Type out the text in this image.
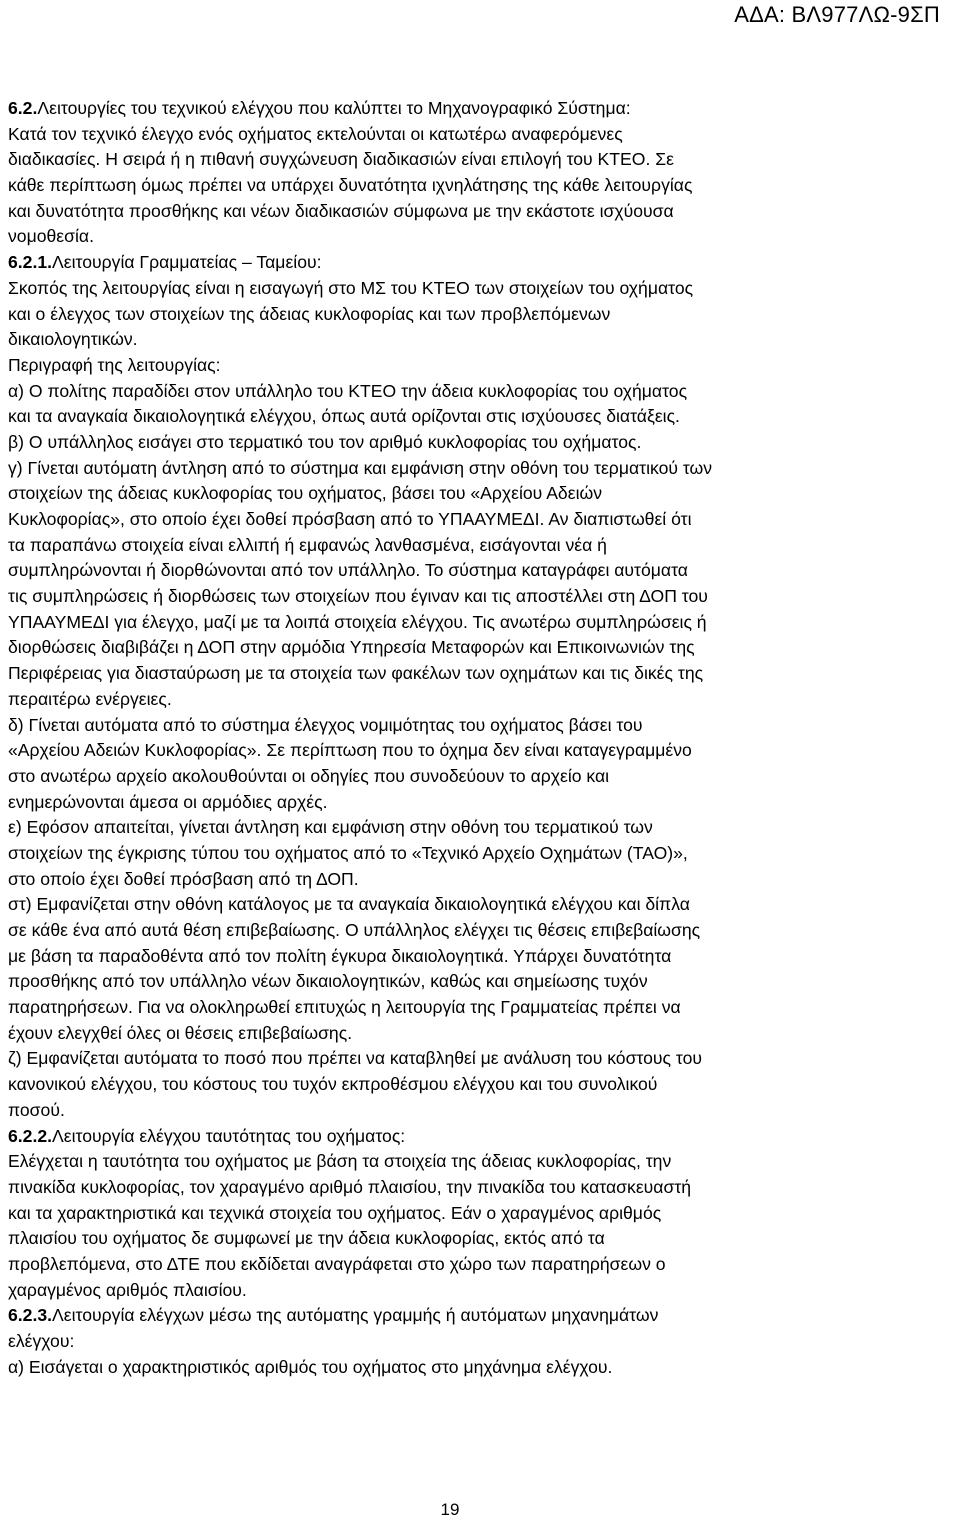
ΑΔΑ: ΒΛ977ΛΩ-9ΣΠ
6.2.Λειτουργίες του τεχνικού ελέγχου που καλύπτει το Μηχανογραφικό Σύστημα:
Κατά τον τεχνικό έλεγχο ενός οχήματος εκτελούνται οι κατωτέρω αναφερόμενες
διαδικασίες. Η σειρά ή η πιθανή συγχώνευση διαδικασιών είναι επιλογή του ΚΤΕΟ. Σε
κάθε περίπτωση όμως πρέπει να υπάρχει δυνατότητα ιχνηλάτησης της κάθε λειτουργίας
και δυνατότητα προσθήκης και νέων διαδικασιών σύμφωνα με την εκάστοτε ισχύουσα
νομοθεσία.
6.2.1.Λειτουργία Γραμματείας – Ταμείου:
Σκοπός της λειτουργίας είναι η εισαγωγή στο ΜΣ του ΚΤΕΟ των στοιχείων του οχήματος
και ο έλεγχος των στοιχείων της άδειας κυκλοφορίας και των προβλεπόμενων
δικαιολογητικών.
Περιγραφή της λειτουργίας:
α) Ο πολίτης παραδίδει στον υπάλληλο του ΚΤΕΟ την άδεια κυκλοφορίας του οχήματος
και τα αναγκαία δικαιολογητικά ελέγχου, όπως αυτά ορίζονται στις ισχύουσες διατάξεις.
β) Ο υπάλληλος εισάγει στο τερματικό του τον αριθμό κυκλοφορίας του οχήματος.
γ) Γίνεται αυτόματη άντληση από το σύστημα και εμφάνιση στην οθόνη του τερματικού των
στοιχείων της άδειας κυκλοφορίας του οχήματος, βάσει του «Αρχείου Αδειών
Κυκλοφορίας», στο οποίο έχει δοθεί πρόσβαση από το ΥΠΑΑΥΜΕΔΙ. Αν διαπιστωθεί ότι
τα παραπάνω στοιχεία είναι ελλιπή ή εμφανώς λανθασμένα, εισάγονται νέα ή
συμπληρώνονται ή διορθώνονται από τον υπάλληλο. Το σύστημα καταγράφει αυτόματα
τις συμπληρώσεις ή διορθώσεις των στοιχείων που έγιναν και τις αποστέλλει στη ΔΟΠ του
ΥΠΑΑΥΜΕΔΙ για έλεγχο, μαζί με τα λοιπά στοιχεία ελέγχου. Τις ανωτέρω συμπληρώσεις ή
διορθώσεις διαβιβάζει η ΔΟΠ στην αρμόδια Υπηρεσία Μεταφορών και Επικοινωνιών της
Περιφέρειας για διασταύρωση με τα στοιχεία των φακέλων των οχημάτων και τις δικές της
περαιτέρω ενέργειες.
δ) Γίνεται αυτόματα από το σύστημα έλεγχος νομιμότητας του οχήματος βάσει του
«Αρχείου Αδειών Κυκλοφορίας». Σε περίπτωση που το όχημα δεν είναι καταγεγραμμένο
στο ανωτέρω αρχείο ακολουθούνται οι οδηγίες που συνοδεύουν το αρχείο και
ενημερώνονται άμεσα οι αρμόδιες αρχές.
ε) Εφόσον απαιτείται, γίνεται άντληση και εμφάνιση στην οθόνη του τερματικού των
στοιχείων της έγκρισης τύπου του οχήματος από το «Τεχνικό Αρχείο Οχημάτων (ΤΑΟ)»,
στο οποίο έχει δοθεί πρόσβαση από τη ΔΟΠ.
στ) Εμφανίζεται στην οθόνη κατάλογος με τα αναγκαία δικαιολογητικά ελέγχου και δίπλα
σε κάθε ένα από αυτά θέση επιβεβαίωσης. Ο υπάλληλος ελέγχει τις θέσεις επιβεβαίωσης
με βάση τα παραδοθέντα από τον πολίτη έγκυρα δικαιολογητικά. Υπάρχει δυνατότητα
προσθήκης από τον υπάλληλο νέων δικαιολογητικών, καθώς και σημείωσης τυχόν
παρατηρήσεων. Για να ολοκληρωθεί επιτυχώς η λειτουργία της Γραμματείας πρέπει να
έχουν ελεγχθεί όλες οι θέσεις επιβεβαίωσης.
ζ) Εμφανίζεται αυτόματα το ποσό που πρέπει να καταβληθεί με ανάλυση του κόστους του
κανονικού ελέγχου, του κόστους του τυχόν εκπροθέσμου ελέγχου και του συνολικού
ποσού.
6.2.2.Λειτουργία ελέγχου ταυτότητας του οχήματος:
Ελέγχεται η ταυτότητα του οχήματος με βάση τα στοιχεία της άδειας κυκλοφορίας, την
πινακίδα κυκλοφορίας, τον χαραγμένο αριθμό πλαισίου, την πινακίδα του κατασκευαστή
και τα χαρακτηριστικά και τεχνικά στοιχεία του οχήματος. Εάν ο χαραγμένος αριθμός
πλαισίου του οχήματος δε συμφωνεί με την άδεια κυκλοφορίας, εκτός από τα
προβλεπόμενα, στο ΔΤΕ που εκδίδεται αναγράφεται στο χώρο των παρατηρήσεων ο
χαραγμένος αριθμός πλαισίου.
6.2.3.Λειτουργία ελέγχων μέσω της αυτόματης γραμμής ή αυτόματων μηχανημάτων
ελέγχου:
α) Εισάγεται ο χαρακτηριστικός αριθμός του οχήματος στο μηχάνημα ελέγχου.
19
